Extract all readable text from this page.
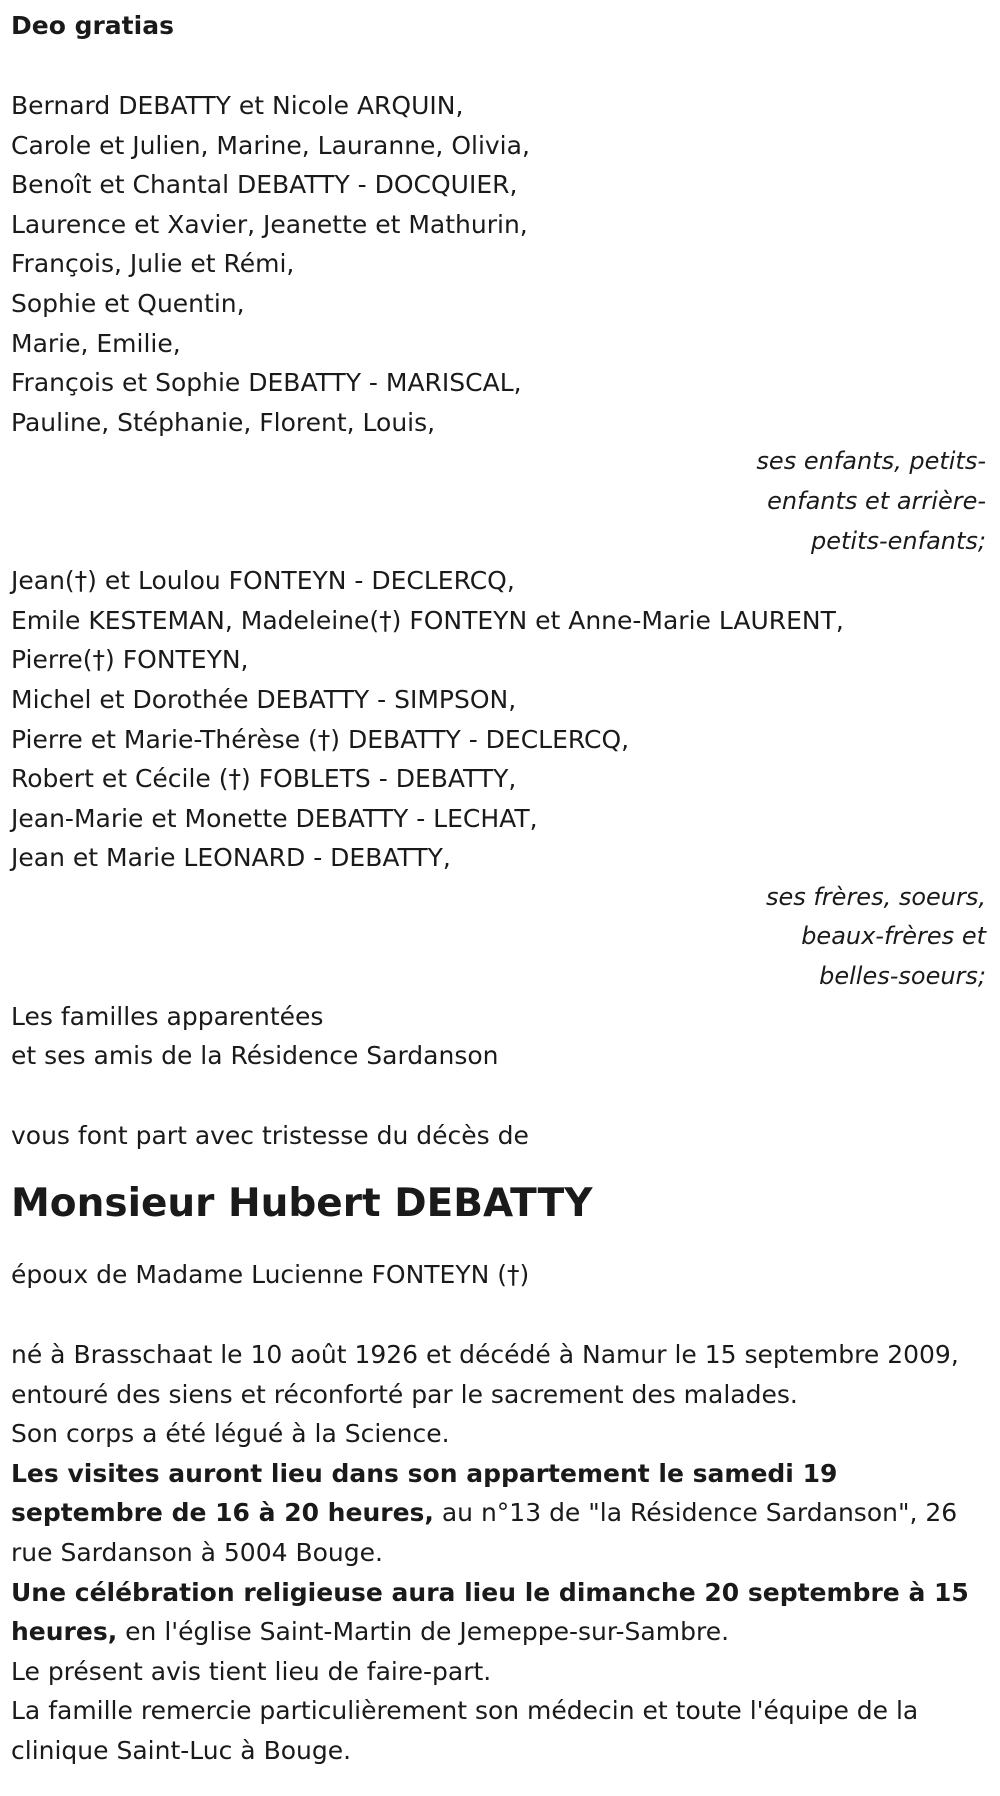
Deo gratias
Bernard DEBATTY et Nicole ARQUIN,
Carole et Julien, Marine, Lauranne, Olivia,
Benoît et Chantal DEBATTY - DOCQUIER,
Laurence et Xavier, Jeanette et Mathurin,
François, Julie et Rémi,
Sophie et Quentin,
Marie, Emilie,
François et Sophie DEBATTY - MARISCAL,
Pauline, Stéphanie, Florent, Louis,
ses enfants, petits-
enfants et arrière-
petits-enfants;
Jean(†) et Loulou FONTEYN - DECLERCQ,
Emile KESTEMAN, Madeleine(†) FONTEYN et Anne-Marie LAURENT,
Pierre(†) FONTEYN,
Michel et Dorothée DEBATTY - SIMPSON,
Pierre et Marie-Thérèse (†) DEBATTY - DECLERCQ,
Robert et Cécile (†) FOBLETS - DEBATTY,
Jean-Marie et Monette DEBATTY - LECHAT,
Jean et Marie LEONARD - DEBATTY,
ses frères, soeurs,
beaux-frères et
belles-soeurs;
Les familles apparentées
et ses amis de la Résidence Sardanson
vous font part avec tristesse du décès de
Monsieur Hubert DEBATTY
époux de Madame Lucienne FONTEYN (†)
né à Brasschaat le 10 août 1926 et décédé à Namur le 15 septembre 2009, entouré des siens et réconforté par le sacrement des malades.
Son corps a été légué à la Science.
Les visites auront lieu dans son appartement le samedi 19 septembre de 16 à 20 heures, au n°13 de "la Résidence Sardanson", 26 rue Sardanson à 5004 Bouge.
Une célébration religieuse aura lieu le dimanche 20 septembre à 15 heures, en l'église Saint-Martin de Jemeppe-sur-Sambre.
Le présent avis tient lieu de faire-part.
La famille remercie particulièrement son médecin et toute l'équipe de la clinique Saint-Luc à Bouge.
